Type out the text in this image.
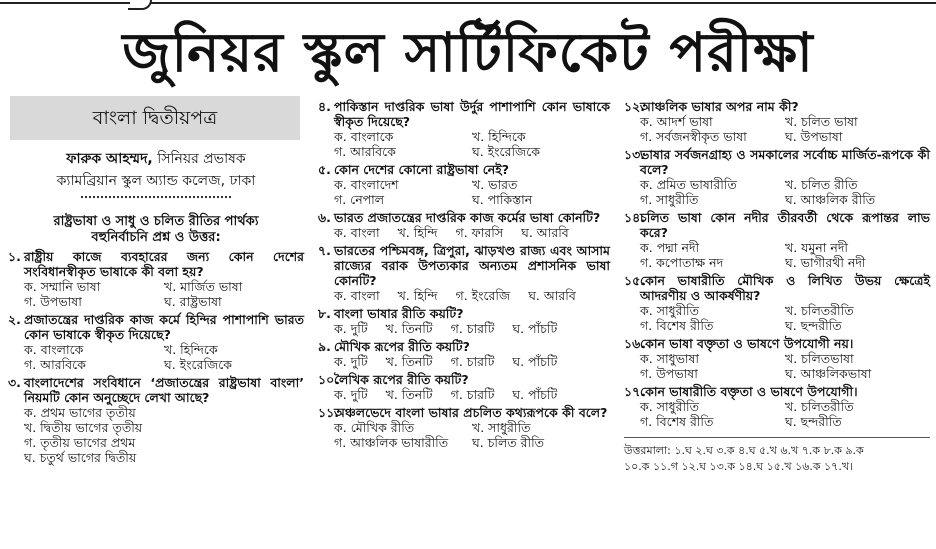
জুনিয়র স্কুল সার্টিফিকেট পরীক্ষা
বাংলা দ্বিতীয়পত্র
ফারুক আহম্মদ, সিনিয়র প্রভাষক
ক্যামব্রিয়ান স্কুল অ্যান্ড কলেজ, ঢাকা
রাষ্ট্রভাষা ও সাধু ও চলিত রীতির পার্থক্য
বহুনির্বাচনি প্রশ্ন ও উত্তর:
১. রাষ্ট্রীয় কাজে ব্যবহারের জন্য কোন দেশের সংবিধানস্বীকৃত ভাষাকে কী বলা হয়?
ক. সম্মানি ভাষা	খ. মার্জিত ভাষা
গ. উপভাষা	ঘ. রাষ্ট্রভাষা
২. প্রজাতন্ত্রের দাপ্তরিক কাজ কর্মে হিন্দির পাশাপাশি ভারত কোন ভাষাকে স্বীকৃত দিয়েছে?
ক. বাংলাকে	খ. হিন্দিকে
গ. আরবিকে	ঘ. ইংরেজিকে
৩. বাংলাদেশের সংবিধানে ‘প্রজাতন্ত্রের রাষ্ট্রভাষা বাংলা’ নিয়মটি কোন অনুচ্ছেদে লেখা আছে?
ক. প্রথম ভাগের তৃতীয়
খ. দ্বিতীয় ভাগের তৃতীয়
গ. তৃতীয় ভাগের প্রথম
ঘ. চতুর্থ ভাগের দ্বিতীয়
৪. পাকিস্তান দাপ্তরিক ভাষা উর্দুর পাশাপাশি কোন ভাষাকে স্বীকৃত দিয়েছে?
ক. বাংলাকে	খ. হিন্দিকে
গ. আরবিকে	ঘ. ইংরেজিকে
৫. কোন দেশের কোনো রাষ্ট্রভাষা নেই?
ক. বাংলাদেশ	খ. ভারত
গ. নেপাল	ঘ. পাকিস্তান
৬. ভারত প্রজাতন্ত্রের দাপ্তরিক কাজ কর্মের ভাষা কোনটি?
ক. বাংলা খ. হিন্দি গ. ফারসি ঘ. আরবি
৭. ভারতের পশ্চিমবঙ্গ, ত্রিপুরা, ঝাড়খণ্ড রাজ্য এবং আসাম রাজ্যের বরাক উপত্যকার অন্যতম প্রশাসনিক ভাষা কোনটি?
ক. বাংলা খ. হিন্দি গ. ইংরেজি ঘ. আরবি
৮. বাংলা ভাষার রীতি কয়টি?
ক. দুটি খ. তিনটি গ. চারটি ঘ. পাঁচটি
৯. মৌখিক রূপের রীতি কয়টি?
ক. দুটি খ. তিনটি গ. চারটি ঘ. পাঁচটি
১০.
লৈখিক রূপের রীতি কয়টি?
ক. দুটি খ. তিনটি গ. চারটি ঘ. পাঁচটি
১১.
অঞ্চলভেদে বাংলা ভাষার প্রচলিত কথ্যরূপকে কী বলে?
ক. মৌখিক রীতি	খ. সাধুরীতি
গ. আঞ্চলিক ভাষারীতি	ঘ. চলিত রীতি
১২.
আঞ্চলিক ভাষার অপর নাম কী?
ক. আদর্শ ভাষা	খ. চলিত ভাষা
গ. সর্বজনস্বীকৃত ভাষা	ঘ. উপভাষা
১৩.
ভাষার সর্বজনগ্রাহ্য ও সমকালের সর্বোচ্চ মার্জিত-রূপকে কী বলে?
ক. প্রমিত ভাষারীতি	খ. চলিত রীতি
গ. সাধুরীতি	ঘ. আঞ্চলিক রীতি
১৪.
চলিত ভাষা কোন নদীর তীরবর্তী থেকে রূপান্তর লাভ করে?
ক. পদ্মা নদী	খ. যমুনা নদী
গ. কপোতাক্ষ নদ	ঘ. ভাগীরথী নদী
১৫.
কোন ভাষারীতি মৌখিক ও লিখিত উভয় ক্ষেত্রেই আদরণীয় ও আকর্ষণীয়?
ক. সাধুরীতি	খ. চলিতরীতি
গ. বিশেষ রীতি	ঘ. ছন্দরীতি
১৬.
কোন ভাষা বক্তৃতা ও ভাষণে উপযোগী নয়।
ক. সাধুভাষা	খ. চলিতভাষা
গ. উপভাষা	ঘ. আঞ্চলিকভাষা
১৭.
কোন ভাষারীতি বক্তৃতা ও ভাষণে উপযোগী।
ক. সাধুরীতি	খ. চলিতরীতি
গ. বিশেষ রীতি	ঘ. ছন্দরীতি
উত্তরমালা: ১.ঘ ২.ঘ ৩.ক ৪.ঘ ৫.খ ৬.খ ৭.ক ৮.ক ৯.ক
১০.ক ১১.গ ১২.ঘ ১৩.ক ১৪.ঘ ১৫.খ ১৬.ক ১৭.খ।
